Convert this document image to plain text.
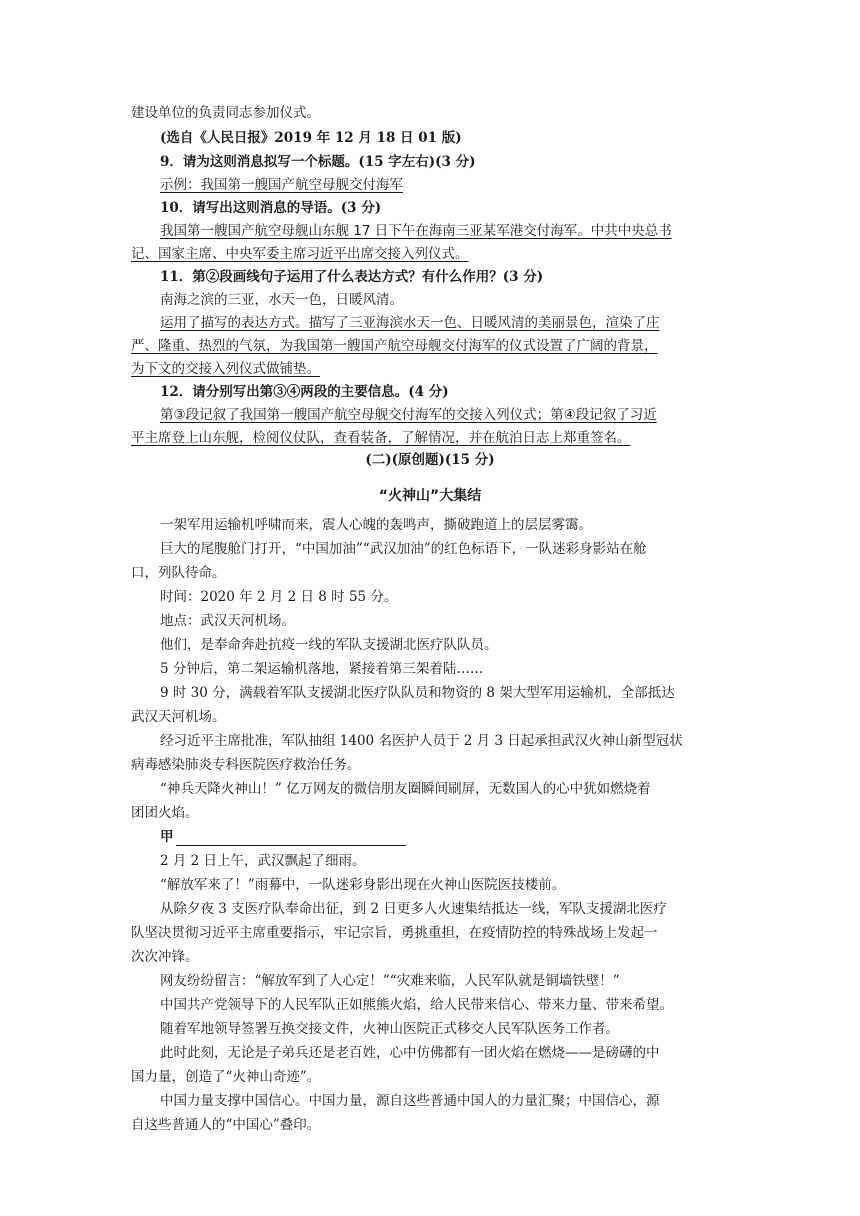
建设单位的负责同志参加仪式。
(选自《人民日报》2019 年 12 月 18 日 01 版)
9．请为这则消息拟写一个标题。(15 字左右)(3 分)
示例：我国第一艘国产航空母舰交付海军
10．请写出这则消息的导语。(3 分)
我国第一艘国产航空母舰山东舰 17 日下午在海南三亚某军港交付海军。中共中央总书
记、国家主席、中央军委主席习近平出席交接入列仪式。
11．第②段画线句子运用了什么表达方式？有什么作用？(3 分)
南海之滨的三亚，水天一色，日暖风清。
运用了描写的表达方式。描写了三亚海滨水天一色、日暖风清的美丽景色，渲染了庄
严、隆重、热烈的气氛，为我国第一艘国产航空母舰交付海军的仪式设置了广阔的背景，
为下文的交接入列仪式做铺垫。
12．请分别写出第③④两段的主要信息。(4 分)
第③段记叙了我国第一艘国产航空母舰交付海军的交接入列仪式；第④段记叙了习近
平主席登上山东舰，检阅仪仗队，查看装备，了解情况，并在航泊日志上郑重签名。
(二)(原创题)(15 分)
“火神山”大集结
一架军用运输机呼啸而来，震人心魄的轰鸣声，撕破跑道上的层层雾霭。
巨大的尾腹舱门打开，“中国加油”“武汉加油”的红色标语下，一队迷彩身影站在舱
口，列队待命。
时间：2020 年 2 月 2 日 8 时 55 分。
地点：武汉天河机场。
他们，是奉命奔赴抗疫一线的军队支援湖北医疗队队员。
5 分钟后，第二架运输机落地，紧接着第三架着陆……
9 时 30 分，满载着军队支援湖北医疗队队员和物资的 8 架大型军用运输机，全部抵达
武汉天河机场。
经习近平主席批准，军队抽组 1400 名医护人员于 2 月 3 日起承担武汉火神山新型冠状
病毒感染肺炎专科医院医疗救治任务。
“神兵天降火神山！” 亿万网友的微信朋友圈瞬间刷屏，无数国人的心中犹如燃烧着
团团火焰。
甲
2 月 2 日上午，武汉飘起了细雨。
“解放军来了！”雨幕中，一队迷彩身影出现在火神山医院医技楼前。
从除夕夜 3 支医疗队奉命出征，到 2 日更多人火速集结抵达一线，军队支援湖北医疗
队坚决贯彻习近平主席重要指示，牢记宗旨，勇挑重担，在疫情防控的特殊战场上发起一
次次冲锋。
网友纷纷留言：“解放军到了人心定！”“灾难来临，人民军队就是铜墙铁壁！”
中国共产党领导下的人民军队正如熊熊火焰，给人民带来信心、带来力量、带来希望。
随着军地领导签署互换交接文件，火神山医院正式移交人民军队医务工作者。
此时此刻，无论是子弟兵还是老百姓，心中仿佛都有一团火焰在燃烧——是磅礴的中
国力量，创造了“火神山奇迹”。
中国力量支撑中国信心。中国力量，源自这些普通中国人的力量汇聚；中国信心，源
自这些普通人的“中国心”叠印。
